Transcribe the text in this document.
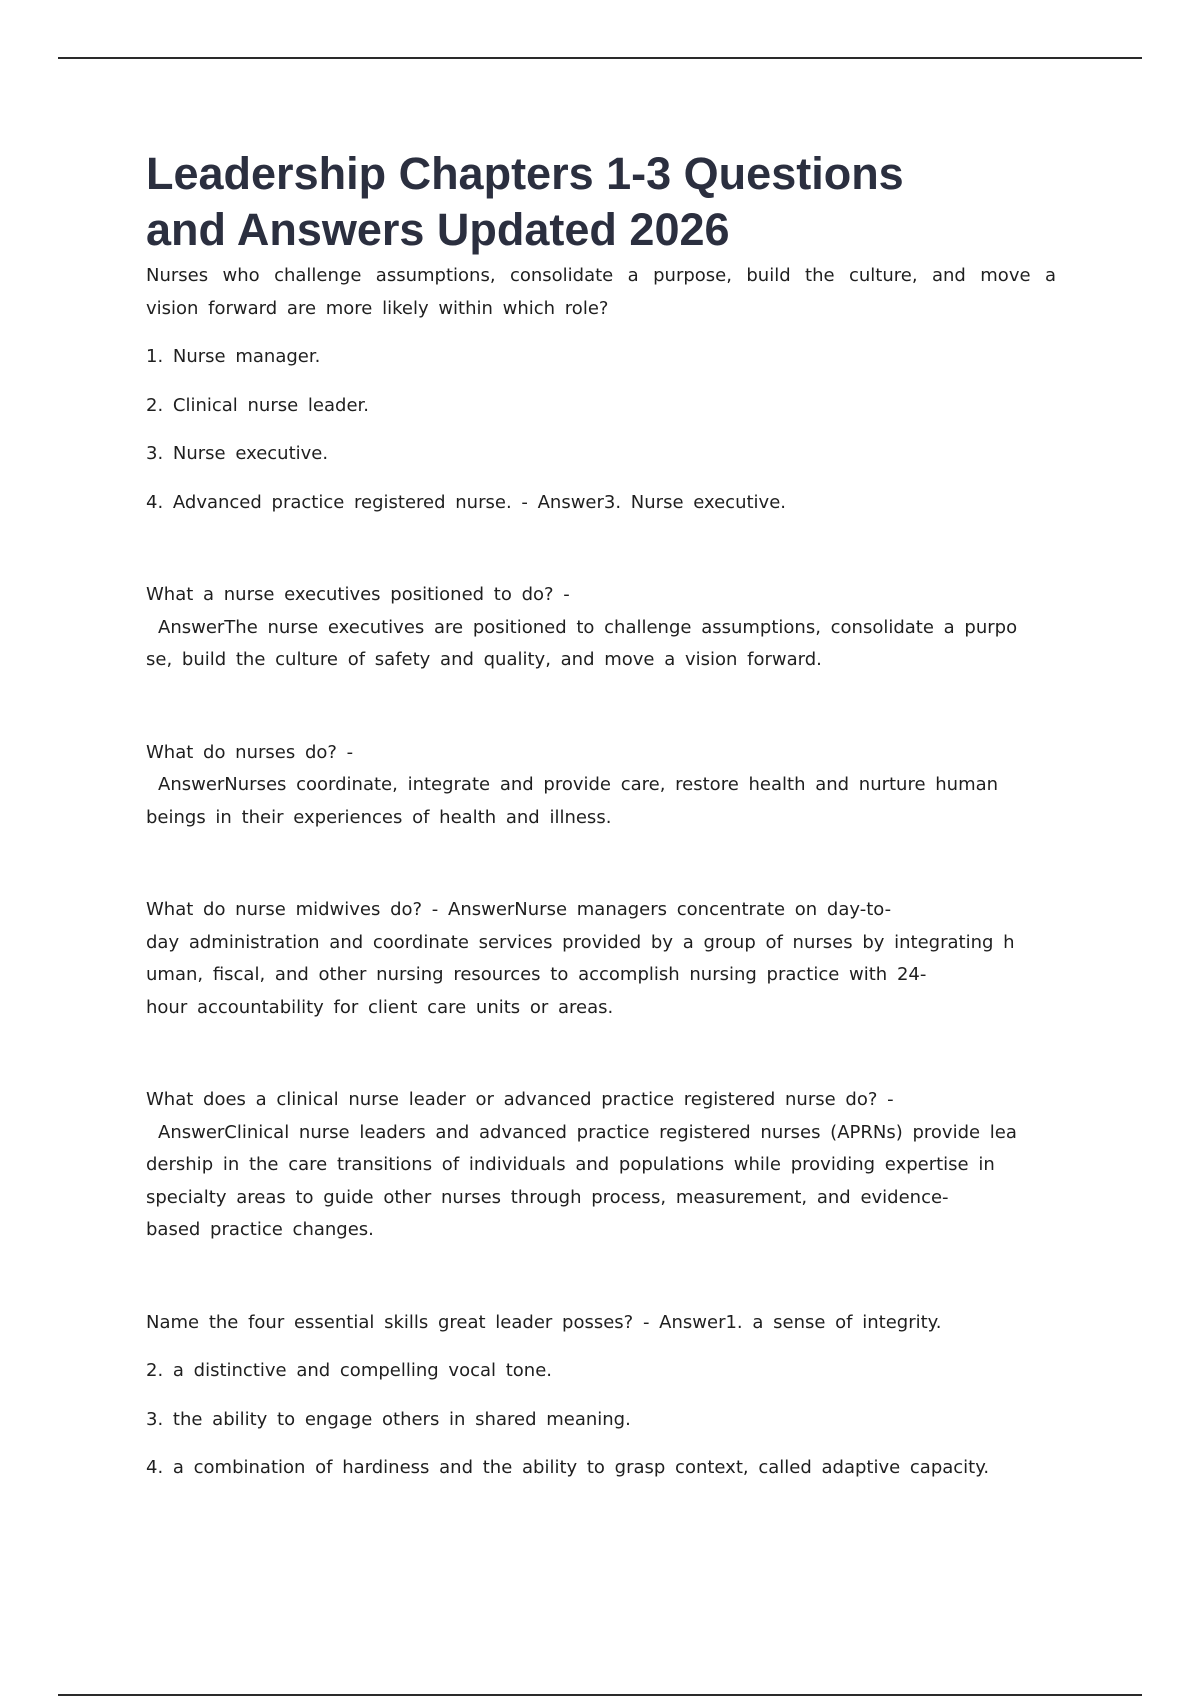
Leadership Chapters 1-3 Questions
and Answers Updated 2026

Nurses who challenge assumptions, consolidate a purpose, build the culture, and move a vision forward are more likely within which role?

1. Nurse manager.

2. Clinical nurse leader.

3. Nurse executive.

4. Advanced practice registered nurse. - Answer3. Nurse executive.

What a nurse executives positioned to do? -

AnswerThe nurse executives are positioned to challenge assumptions, consolidate a purpo

se, build the culture of safety and quality, and move a vision forward.

What do nurses do? -

AnswerNurses coordinate, integrate and provide care, restore health and nurture human

beings in their experiences of health and illness.

What do nurse midwives do? - AnswerNurse managers concentrate on day-to-

day administration and coordinate services provided by a group of nurses by integrating h

uman, fiscal, and other nursing resources to accomplish nursing practice with 24-

hour accountability for client care units or areas.

What does a clinical nurse leader or advanced practice registered nurse do? -

AnswerClinical nurse leaders and advanced practice registered nurses (APRNs) provide lea

dership in the care transitions of individuals and populations while providing expertise in

specialty areas to guide other nurses through process, measurement, and evidence-

based practice changes.

Name the four essential skills great leader posses? - Answer1. a sense of integrity.

2. a distinctive and compelling vocal tone.

3. the ability to engage others in shared meaning.

4. a combination of hardiness and the ability to grasp context, called adaptive capacity.
